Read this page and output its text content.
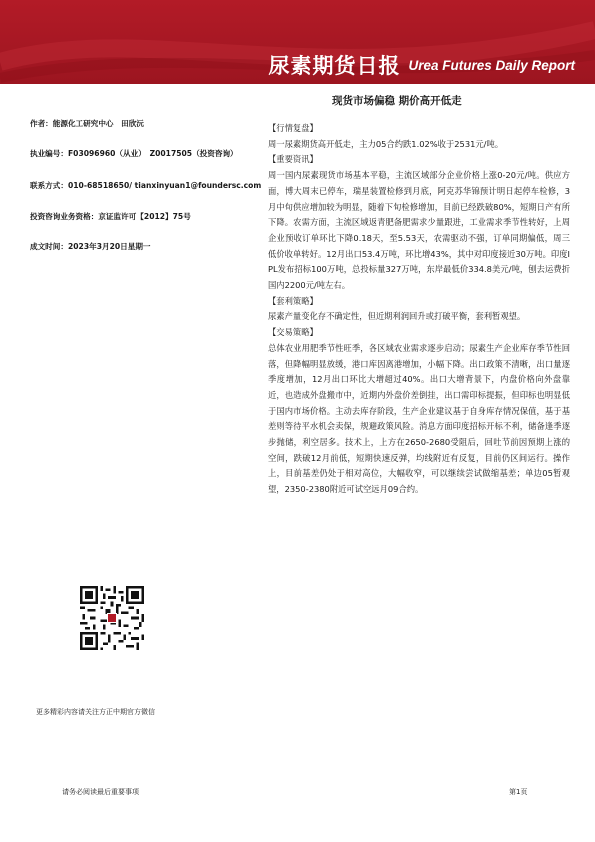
尿素期货日报 Urea Futures Daily Report
现货市场偏稳 期价高开低走
作者：能源化工研究中心　田欣沅
执业编号：F03096960（从业）　Z0017505（投资咨询）
联系方式：010-68518650/ tianxinyuan1@foundersc.com
投资咨询业务资格：京证监许可【2012】75号
成文时间：2023年3月20日星期一
【行情复盘】
周一尿素期货高开低走，主力05合约跌1.02%收于2531元/吨。
【重要资讯】
周一国内尿素现货市场基本平稳，主流区域部分企业价格上涨0-20元/吨。供应方面，博大周末已停车，瑞星装置检修到月底，阿克苏华锦预计明日起停车检修，3月中旬供应增加较为明显，随着下旬检修增加，目前已经跌破80%，短期日产有所下降。农需方面，主流区域返青肥备肥需求少量跟进，工业需求季节性转好，上周企业预收订单环比下降0.18天，至5.53天，农需驱动不强，订单同期偏低，周三低价收单转好。12月出口53.4万吨，环比增43%，其中对印度接近30万吨。印度IPL发布招标100万吨，总投标量327万吨，东岸最低价334.8美元/吨，刨去运费折国内2200元/吨左右。
【套利策略】
尿素产量变化存不确定性，但近期利润回升或打破平衡，套利暂观望。
【交易策略】
总体农业用肥季节性旺季，各区域农业需求逐步启动；尿素生产企业库存季节性回落，但降幅明显放缓，港口库因离港增加，小幅下降。出口政策不清晰，出口量逐季度增加，12月出口环比大增超过40%。出口大增背景下，内盘价格向外盘靠近，也造成外盘搬市中，近期内外盘价差倒挂，出口需印标提振，但印标也明显低于国内市场价格。主动去库存阶段，生产企业建议基于自身库存情况保值，基于基差则等待平水机会卖保，规避政策风险。消息方面印度招标开标不利，储备逢季逐步抛储，利空居多。技术上，上方在2650-2680受阻后，回吐节前因预期上涨的空间，跌破12月前低，短期快速反弹，均线附近有反复，目前仍区间运行。操作上，目前基差仍处于相对高位，大幅收窄，可以继续尝试做缩基差；单边05暂观望，2350-2380附近可试空远月09合约。
更多精彩内容请关注方正中期官方微信
请务必阅读最后重要事项	第1页
